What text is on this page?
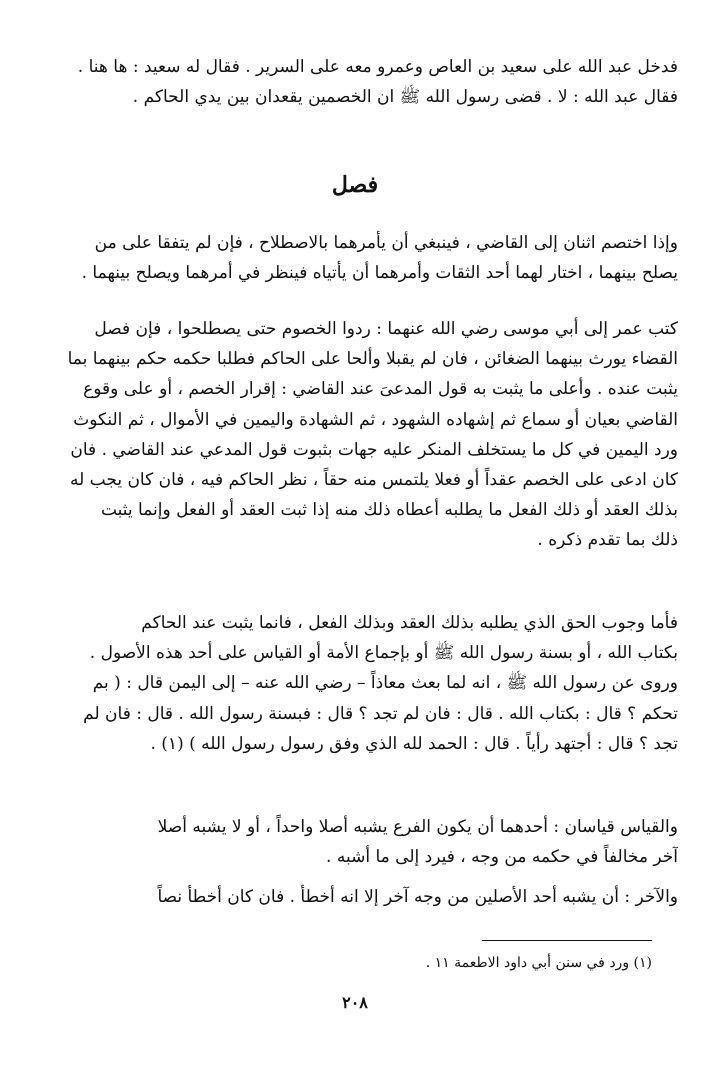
فدخل عبد الله على سعيد بن العاص وعمرو معه على السرير . فقال له سعيد : ها هنا .
فقال عبد الله : لا . قضى رسول الله ﷺ ان الخصمين يقعدان بين يدي الحاكم .
وإذا اختصم اثنان إلى القاضي ، فينبغي أن يأمرهما بالاصطلاح ، فإن لم يتفقا على من
يصلح بينهما ، اختار لهما أحد الثقات وأمرهما أن يأتياه فينظر في أمرهما ويصلح بينهما .
كتب عمر إلى أبي موسى رضي الله عنهما : ردوا الخصوم حتى يصطلحوا ، فإن فصل
القضاء يورث بينهما الضغائن ، فان لم يقبلا وألحا على الحاكم فطلبا حكمه حكم بينهما بما
يثبت عنده . وأعلى ما يثبت به قول المدعىَ عند القاضي : إقرار الخصم ، أو على وقوع
القاضي بعيان أو سماع ثم إشهاده الشهود ، ثم الشهادة واليمين في الأموال ، ثم النكوث
ورد اليمين في كل ما يستخلف المنكر عليه جهات بثبوت قول المدعي عند القاضي . فان
كان ادعى على الخصم عقداً أو فعلا يلتمس منه حقاً ، نظر الحاكم فيه ، فان كان يجب له
بذلك العقد أو ذلك الفعل ما يطلبه أعطاه ذلك منه إذا ثبت العقد أو الفعل وإنما يثبت
ذلك بما تقدم ذكره .
فأما وجوب الحق الذي يطلبه بذلك العقد وبذلك الفعل ، فانما يثبت عند الحاكم
بكتاب الله ، أو بسنة رسول الله ﷺ أو بإجماع الأمة أو القياس على أحد هذه الأصول .
وروى عن رسول الله ﷺ ، انه لما بعث معاذاً – رضي الله عنه – إلى اليمن قال : ( بم
تحكم ؟ قال : بكتاب الله . قال : فان لم تجد ؟ قال : فبسنة رسول الله . قال : فان لم
تجد ؟ قال : أجتهد رأياً . قال : الحمد لله الذي وفق رسول رسول الله ) (١) .
والقياس قياسان : أحدهما أن يكون الفرع يشبه أصلا واحداً ، أو لا يشبه أصلا
آخر مخالفاً في حكمه من وجه ، فيرد إلى ما أشبه .
والآخر : أن يشبه أحد الأصلين من وجه آخر إلا انه أخطأ . فان كان أخطأ نصاً
فصل
(١) ورد في سنن أبي داود الاطعمة ١١ .
٢٠٨
